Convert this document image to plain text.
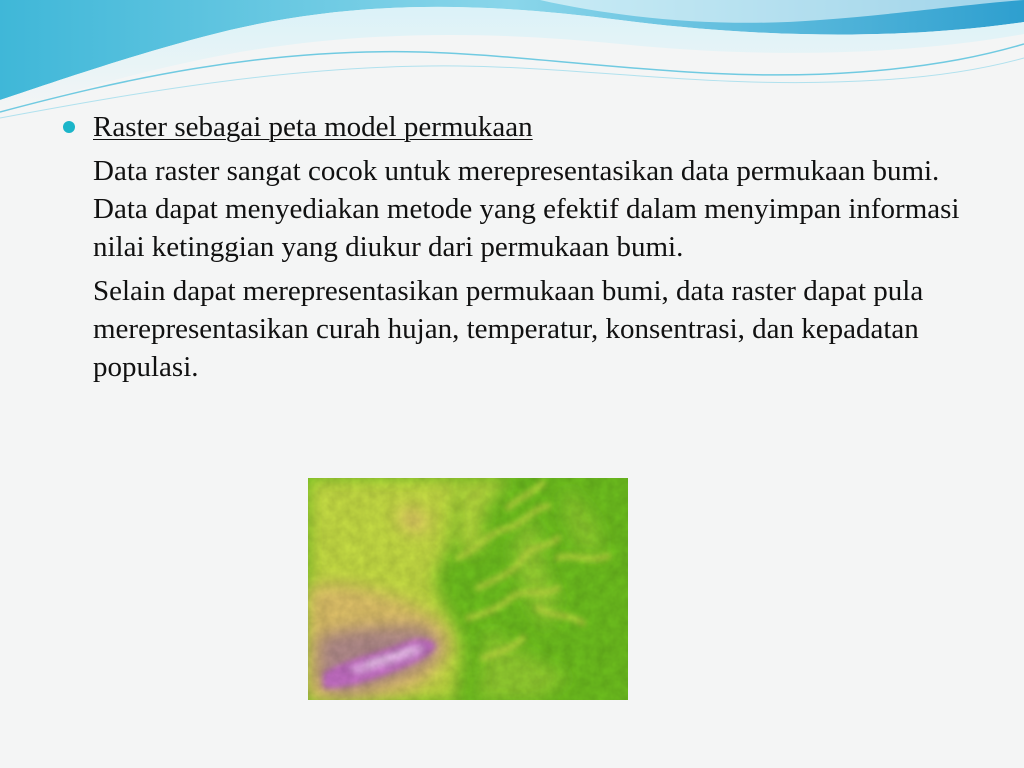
Raster sebagai peta model permukaan

Data raster sangat cocok untuk merepresentasikan data permukaan bumi. Data dapat menyediakan metode yang efektif dalam menyimpan informasi nilai ketinggian yang diukur dari permukaan bumi.

Selain dapat merepresentasikan permukaan bumi, data raster dapat pula merepresentasikan curah hujan, temperatur, konsentrasi, dan kepadatan populasi.
